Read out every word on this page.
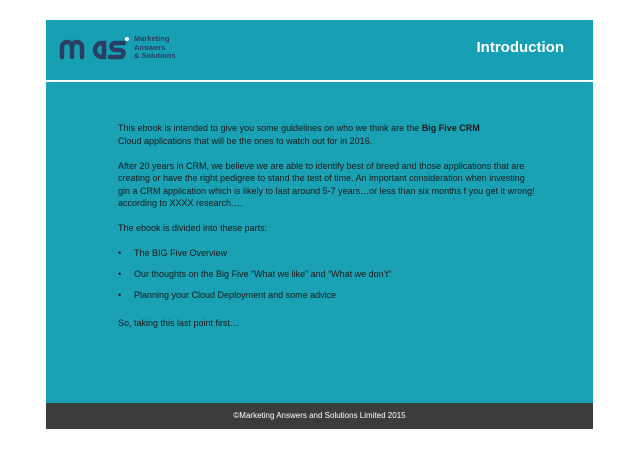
Marketing
Answers
& Solutions	Introduction

This ebook is intended to give you some guidelines on who we think are the Big Five CRM
Cloud applications that will be the ones to watch out for in 2016.

After 20 years in CRM, we believe we are able to identify best of breed and those applications that are creating or have the right pedigree to stand the test of time. An important consideration when investing gin a CRM application which is likely to last around 5-7 years…or less than six months f you get it wrong! according to XXXX research….

The ebook is divided into these parts:

• The BIG Five Overview
• Our thoughts on the Big Five “What we like” and “What we don’t”
• Planning your Cloud Deployment and some advice

So, taking this last point first…

©Marketing Answers and Solutions Limited 2015
